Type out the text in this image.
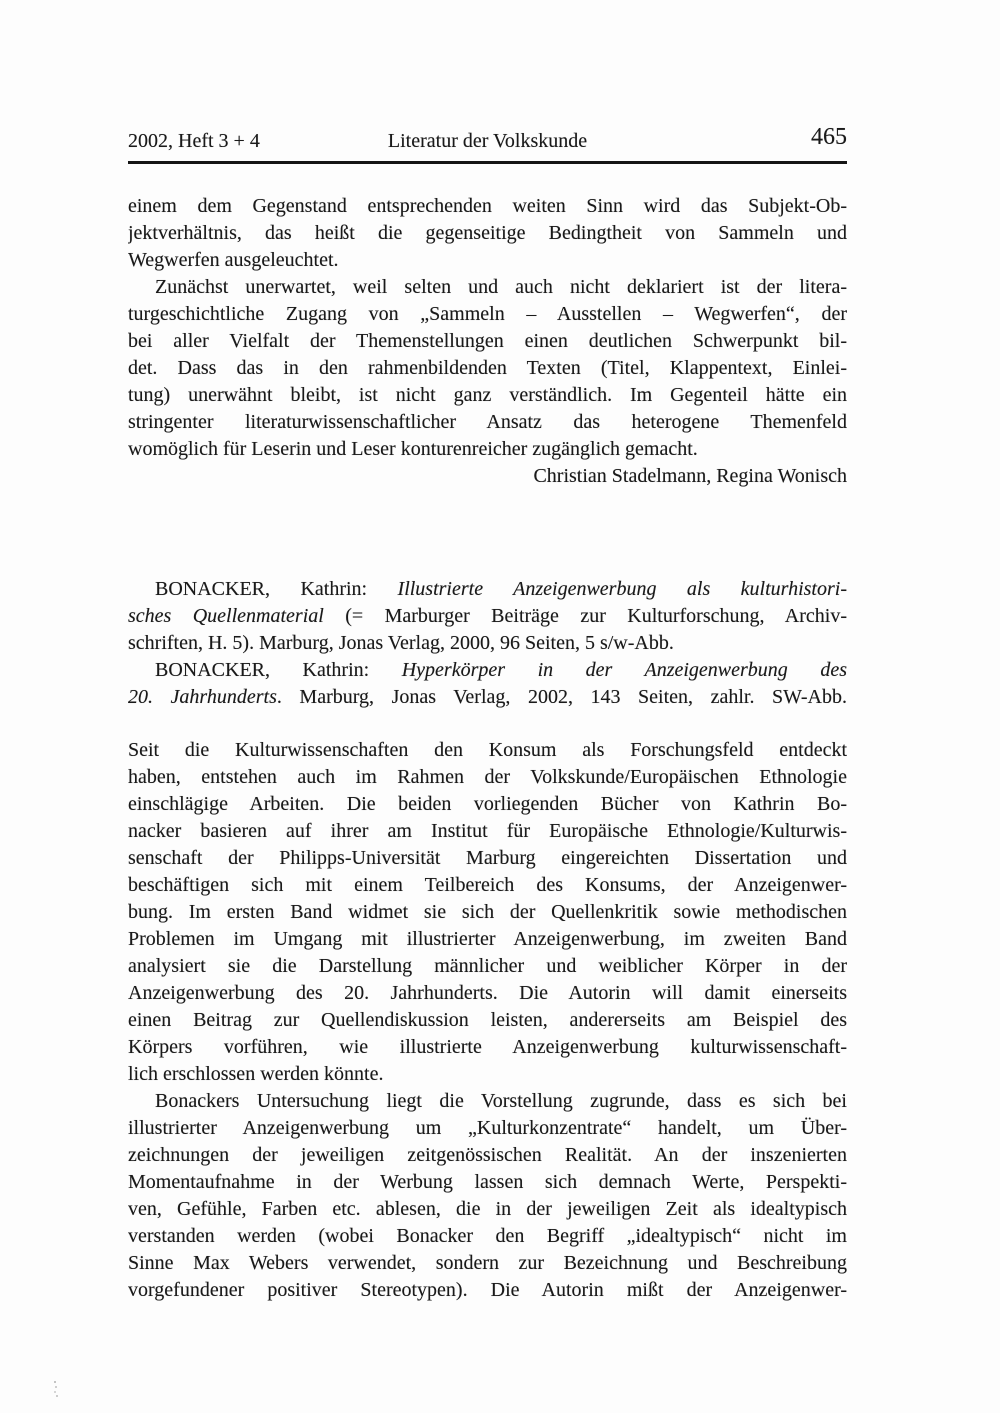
2002, Heft 3 + 4	Literatur der Volkskunde	465
einem dem Gegenstand entsprechenden weiten Sinn wird das Subjekt-Ob-
jektverhältnis, das heißt die gegenseitige Bedingtheit von Sammeln und
Wegwerfen ausgeleuchtet.
Zunächst unerwartet, weil selten und auch nicht deklariert ist der litera-
turgeschichtliche Zugang von „Sammeln – Ausstellen – Wegwerfen“, der
bei aller Vielfalt der Themenstellungen einen deutlichen Schwerpunkt bil-
det. Dass das in den rahmenbildenden Texten (Titel, Klappentext, Einlei-
tung) unerwähnt bleibt, ist nicht ganz verständlich. Im Gegenteil hätte ein
stringenter literaturwissenschaftlicher Ansatz das heterogene Themenfeld
womöglich für Leserin und Leser konturenreicher zugänglich gemacht.
Christian Stadelmann, Regina Wonisch
BONACKER, Kathrin: Illustrierte Anzeigenwerbung als kulturhistori-
sches Quellenmaterial (= Marburger Beiträge zur Kulturforschung, Archiv-
schriften, H. 5). Marburg, Jonas Verlag, 2000, 96 Seiten, 5 s/w-Abb.
BONACKER, Kathrin: Hyperkörper in der Anzeigenwerbung des
20. Jahrhunderts. Marburg, Jonas Verlag, 2002, 143 Seiten, zahlr. SW-Abb.
Seit die Kulturwissenschaften den Konsum als Forschungsfeld entdeckt
haben, entstehen auch im Rahmen der Volkskunde/Europäischen Ethnologie
einschlägige Arbeiten. Die beiden vorliegenden Bücher von Kathrin Bo-
nacker basieren auf ihrer am Institut für Europäische Ethnologie/Kulturwis-
senschaft der Philipps-Universität Marburg eingereichten Dissertation und
beschäftigen sich mit einem Teilbereich des Konsums, der Anzeigenwer-
bung. Im ersten Band widmet sie sich der Quellenkritik sowie methodischen
Problemen im Umgang mit illustrierter Anzeigenwerbung, im zweiten Band
analysiert sie die Darstellung männlicher und weiblicher Körper in der
Anzeigenwerbung des 20. Jahrhunderts. Die Autorin will damit einerseits
einen Beitrag zur Quellendiskussion leisten, andererseits am Beispiel des
Körpers vorführen, wie illustrierte Anzeigenwerbung kulturwissenschaft-
lich erschlossen werden könnte.
Bonackers Untersuchung liegt die Vorstellung zugrunde, dass es sich bei
illustrierter Anzeigenwerbung um „Kulturkonzentrate“ handelt, um Über-
zeichnungen der jeweiligen zeitgenössischen Realität. An der inszenierten
Momentaufnahme in der Werbung lassen sich demnach Werte, Perspekti-
ven, Gefühle, Farben etc. ablesen, die in der jeweiligen Zeit als idealtypisch
verstanden werden (wobei Bonacker den Begriff „idealtypisch“ nicht im
Sinne Max Webers verwendet, sondern zur Bezeichnung und Beschreibung
vorgefundener positiver Stereotypen). Die Autorin mißt der Anzeigenwer-
